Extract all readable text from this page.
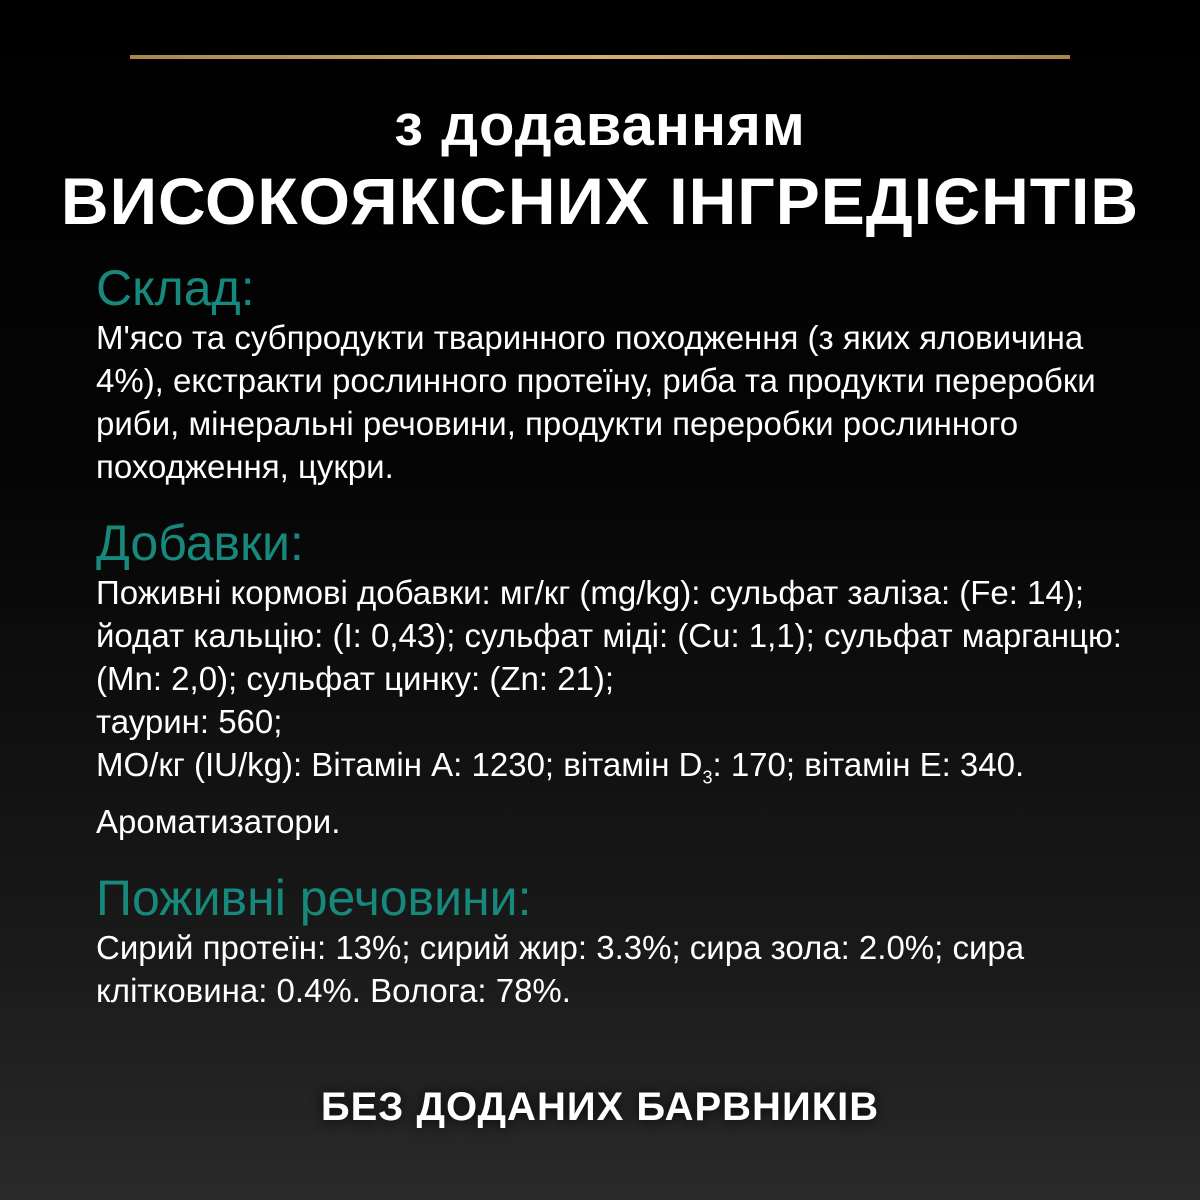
з додаванням
ВИСОКОЯКІСНИХ ІНГРЕДІЄНТІВ

Склад:

М'ясо та субпродукти тваринного походження (з яких яловичина 4%), екстракти рослинного протеїну, риба та продукти переробки риби, мінеральні речовини, продукти переробки рослинного походження, цукри.

Добавки:

Поживні кормові добавки: мг/кг (mg/kg): сульфат заліза: (Fe: 14); йодат кальцію: (I: 0,43); сульфат міді: (Cu: 1,1); сульфат марганцю: (Mn: 2,0); сульфат цинку: (Zn: 21);
таурин: 560;
МО/кг (IU/kg): Вітамін А: 1230; вітамін $D_3$: 170; вітамін Е: 340.
Ароматизатори.

Поживні речовини:

Сирий протеїн: 13%; сирий жир: 3.3%; сира зола: 2.0%; сира клітковина: 0.4%. Волога: 78%.

БЕЗ ДОДАНИХ БАРВНИКІВ
